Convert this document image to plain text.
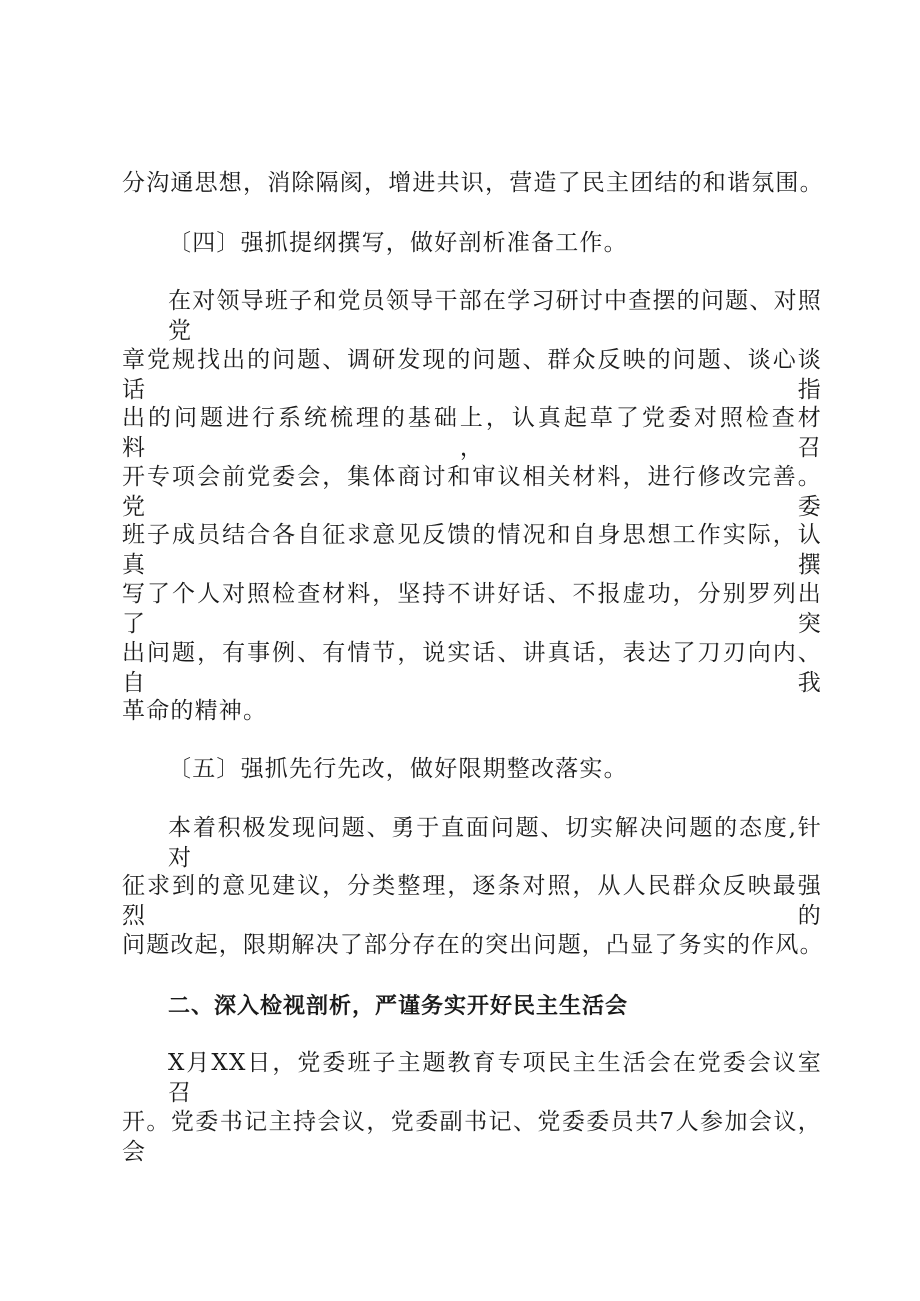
分沟通思想，消除隔阂，增进共识，营造了民主团结的和谐氛围。
〔四〕强抓提纲撰写，做好剖析准备工作。
在对领导班子和党员领导干部在学习研讨中查摆的问题、对照党
章党规找出的问题、调研发现的问题、群众反映的问题、谈心谈话指
出的问题进行系统梳理的基础上，认真起草了党委对照检查材料，召
开专项会前党委会，集体商讨和审议相关材料，进行修改完善。党委
班子成员结合各自征求意见反馈的情况和自身思想工作实际，认真撰
写了个人对照检查材料，坚持不讲好话、不报虚功，分别罗列出了突
出问题，有事例、有情节，说实话、讲真话，表达了刀刃向内、自我
革命的精神。
〔五〕强抓先行先改，做好限期整改落实。
本着积极发现问题、勇于直面问题、切实解决问题的态度,针对
征求到的意见建议，分类整理，逐条对照，从人民群众反映最强烈的
问题改起，限期解决了部分存在的突出问题，凸显了务实的作风。
二、深入检视剖析，严谨务实开好民主生活会
X月XX日，党委班子主题教育专项民主生活会在党委会议室召
开。党委书记主持会议，党委副书记、党委委员共7人参加会议，会
